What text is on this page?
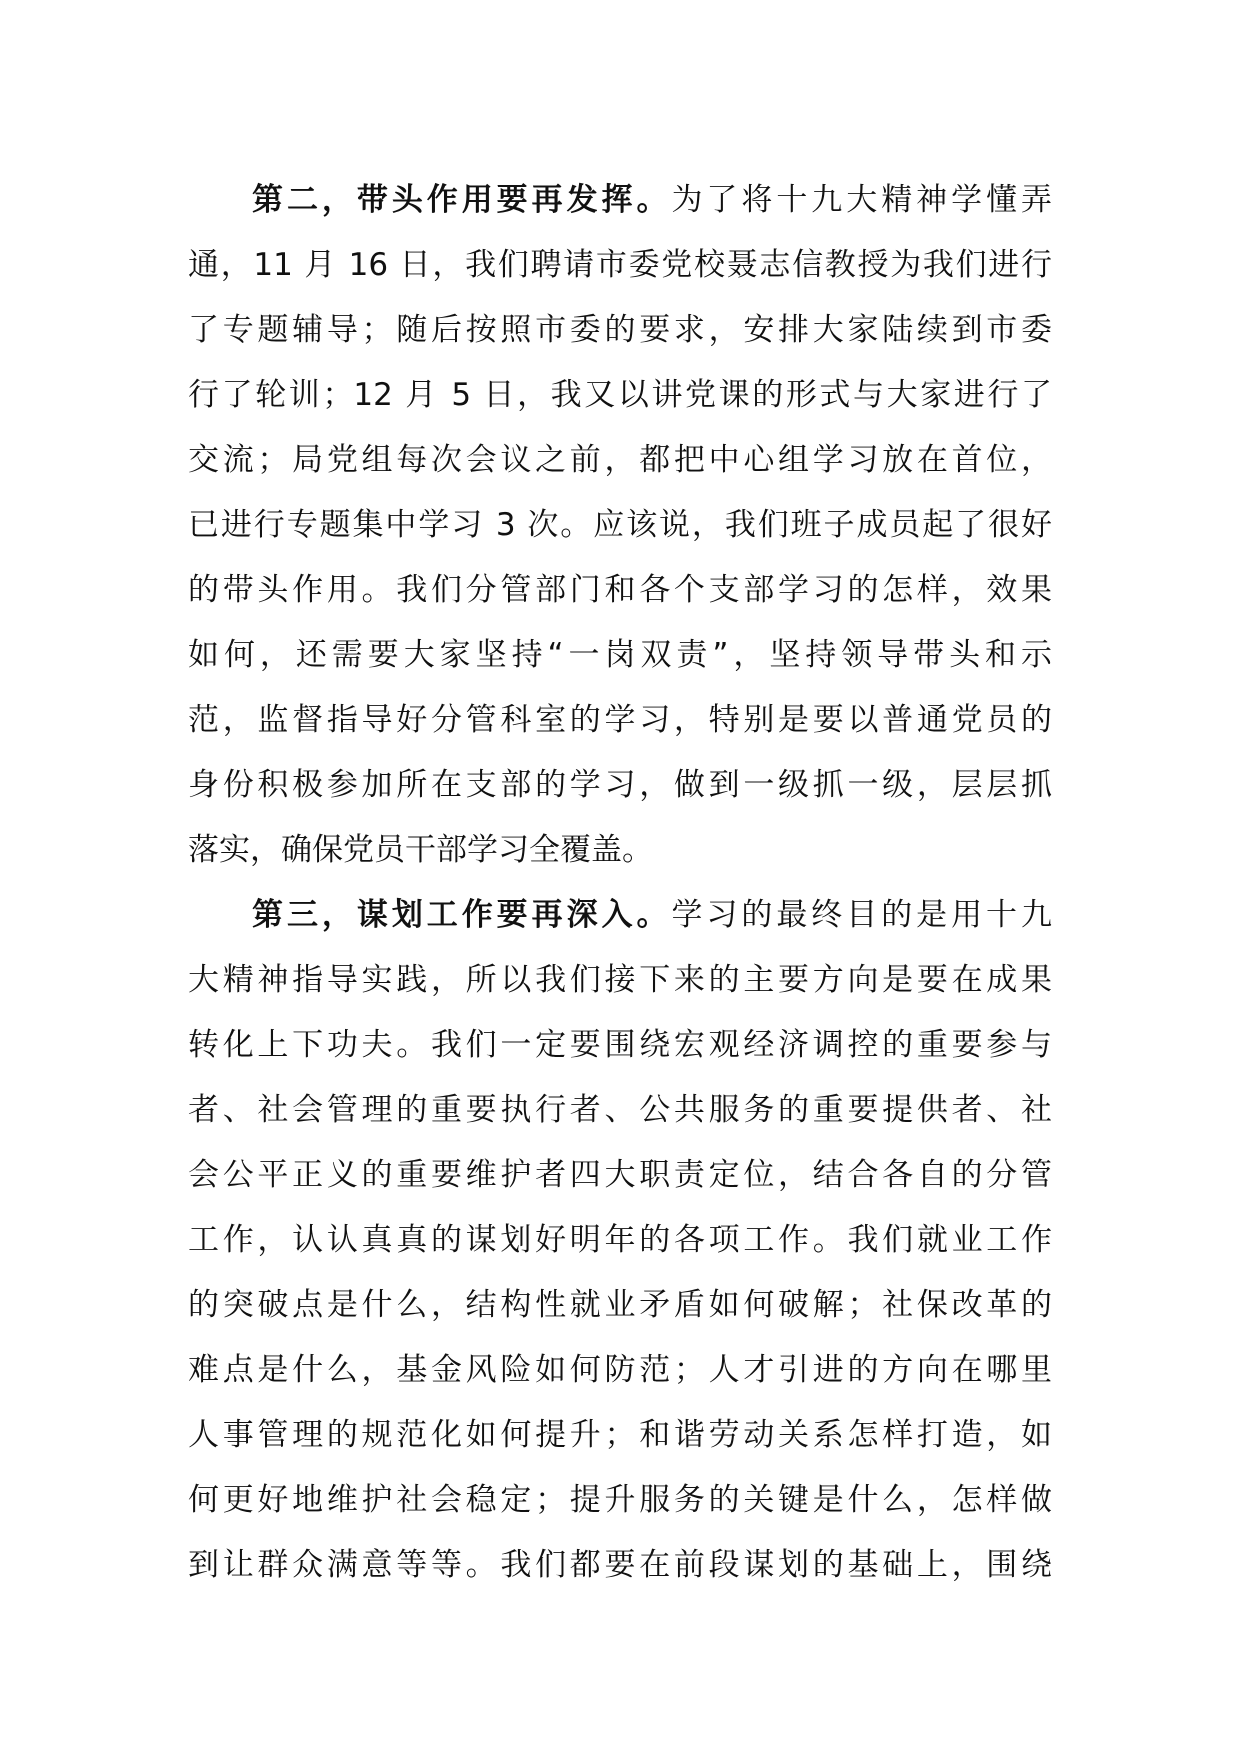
第二，带头作用要再发挥。为了将十九大精神学懂弄
通，11 月 16 日，我们聘请市委党校聂志信教授为我们进行
了专题辅导；随后按照市委的要求，安排大家陆续到市委
行了轮训；12 月 5 日，我又以讲党课的形式与大家进行了
交流；局党组每次会议之前，都把中心组学习放在首位，
已进行专题集中学习 3 次。应该说，我们班子成员起了很好
的带头作用。我们分管部门和各个支部学习的怎样，效果
如何，还需要大家坚持“一岗双责”，坚持领导带头和示
范，监督指导好分管科室的学习，特别是要以普通党员的
身份积极参加所在支部的学习，做到一级抓一级，层层抓
落实，确保党员干部学习全覆盖。
第三，谋划工作要再深入。学习的最终目的是用十九
大精神指导实践，所以我们接下来的主要方向是要在成果
转化上下功夫。我们一定要围绕宏观经济调控的重要参与
者、社会管理的重要执行者、公共服务的重要提供者、社
会公平正义的重要维护者四大职责定位，结合各自的分管
工作，认认真真的谋划好明年的各项工作。我们就业工作
的突破点是什么，结构性就业矛盾如何破解；社保改革的
难点是什么，基金风险如何防范；人才引进的方向在哪里
人事管理的规范化如何提升；和谐劳动关系怎样打造，如
何更好地维护社会稳定；提升服务的关键是什么，怎样做
到让群众满意等等。我们都要在前段谋划的基础上，围绕
